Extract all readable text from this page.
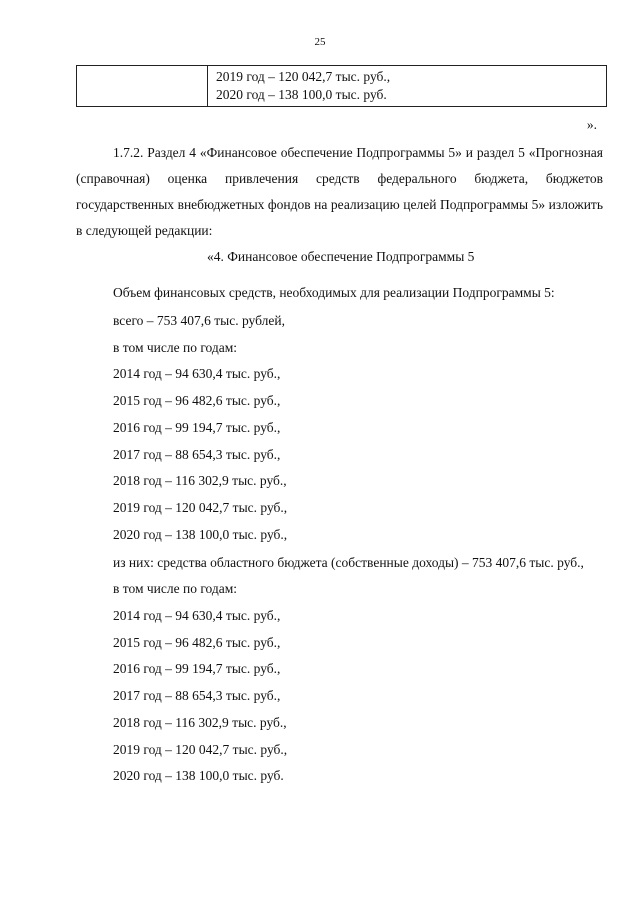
25

2019 год – 120 042,7 тыс. руб.,
2020 год – 138 100,0 тыс. руб.
».

1.7.2. Раздел 4 «Финансовое обеспечение Подпрограммы 5» и раздел 5 «Прогнозная (справочная) оценка привлечения средств федерального бюджета, бюджетов государственных внебюджетных фондов на реализацию целей Подпрограммы 5» изложить в следующей редакции:

«4. Финансовое обеспечение Подпрограммы 5

Объем финансовых средств, необходимых для реализации Подпрограммы 5:

всего – 753 407,6 тыс. рублей,

в том числе по годам:

2014 год – 94 630,4 тыс. руб.,

2015 год – 96 482,6 тыс. руб.,

2016 год – 99 194,7 тыс. руб.,

2017 год – 88 654,3 тыс. руб.,

2018 год – 116 302,9 тыс. руб.,

2019 год – 120 042,7 тыс. руб.,

2020 год – 138 100,0 тыс. руб.,

из них: средства областного бюджета (собственные доходы) – 753 407,6 тыс. руб.,

в том числе по годам:

2014 год – 94 630,4 тыс. руб.,

2015 год – 96 482,6 тыс. руб.,

2016 год – 99 194,7 тыс. руб.,

2017 год – 88 654,3 тыс. руб.,

2018 год – 116 302,9 тыс. руб.,

2019 год – 120 042,7 тыс. руб.,

2020 год – 138 100,0 тыс. руб.
